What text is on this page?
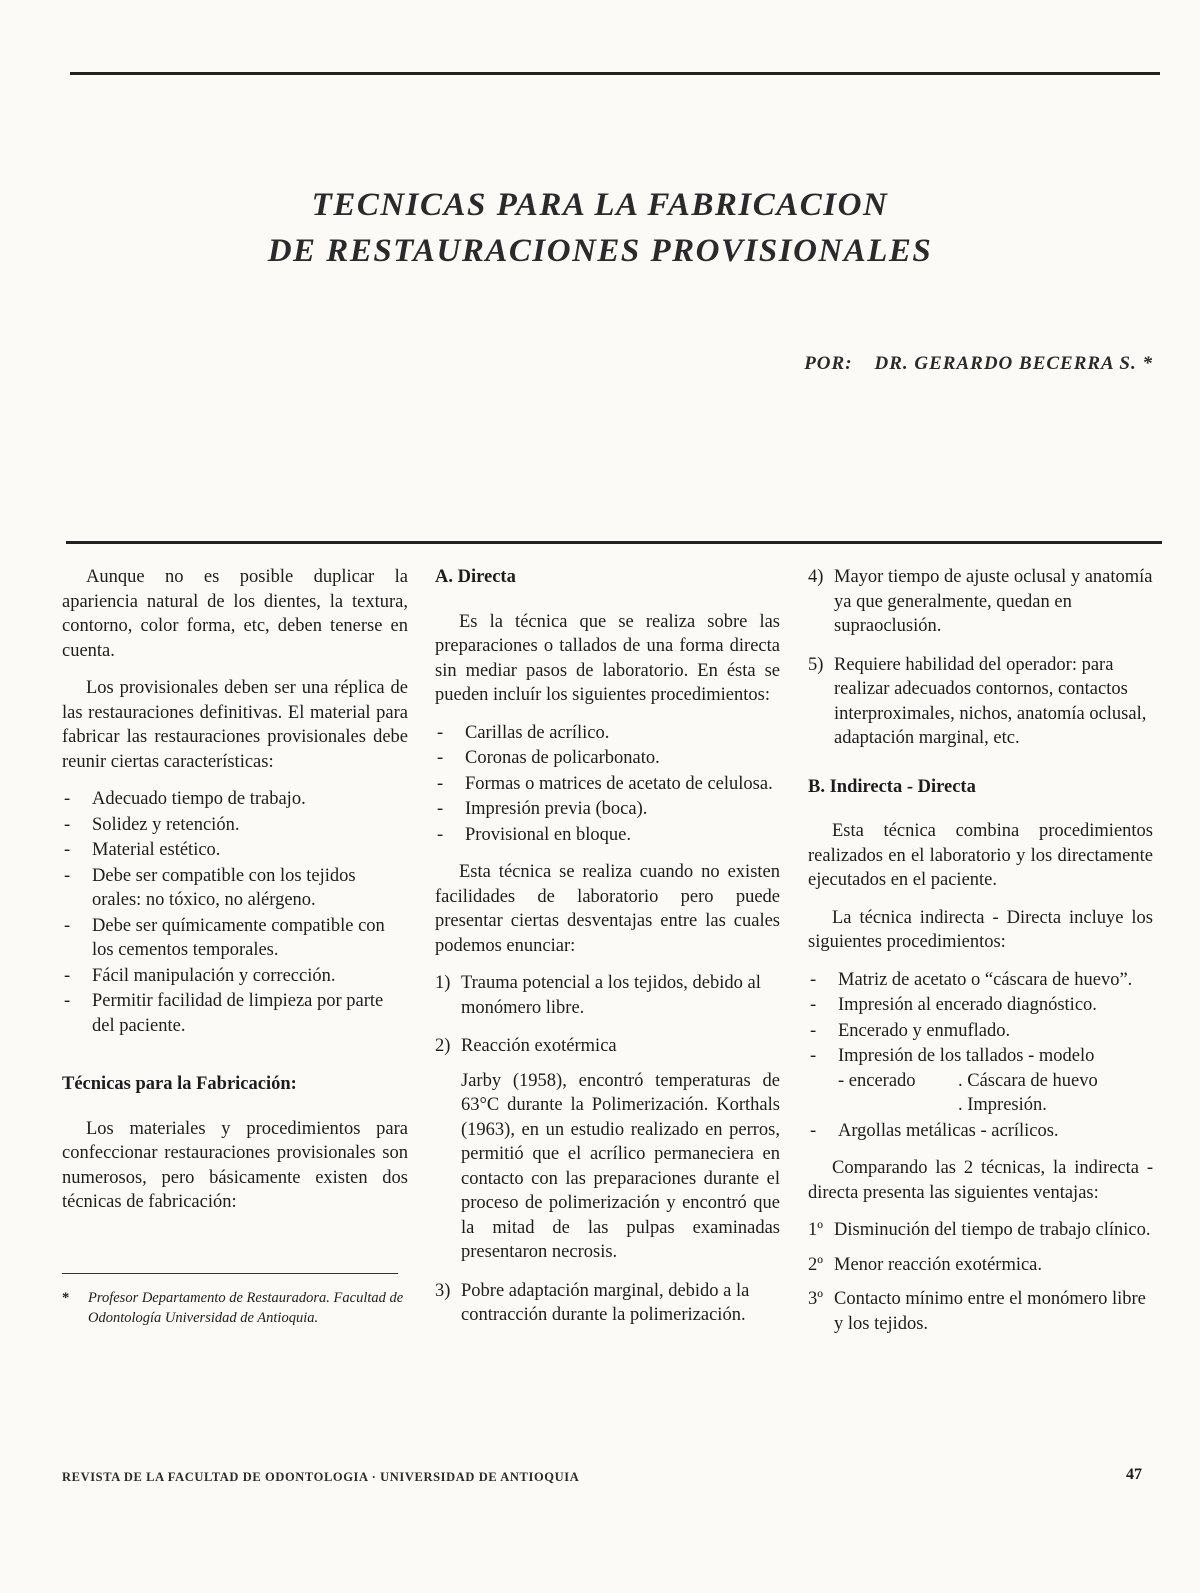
TECNICAS PARA LA FABRICACION
DE RESTAURACIONES PROVISIONALES
POR: DR. GERARDO BECERRA S. *

Aunque no es posible duplicar la apariencia natural de los dientes, la textura, contorno, color forma, etc, deben tenerse en cuenta.

Los provisionales deben ser una réplica de las restauraciones definitivas. El material para fabricar las restauraciones provisionales debe reunir ciertas características:

- Adecuado tiempo de trabajo.
- Solidez y retención.
- Material estético.
- Debe ser compatible con los tejidos orales: no tóxico, no alérgeno.
- Debe ser químicamente compatible con los cementos temporales.
- Fácil manipulación y corrección.
- Permitir facilidad de limpieza por parte del paciente.
Técnicas para la Fabricación:

Los materiales y procedimientos para confeccionar restauraciones provisionales son numerosos, pero básicamente existen dos técnicas de fabricación:

* Profesor Departamento de Restauradora. Facultad de Odontología Universidad de Antioquia.
A. Directa

Es la técnica que se realiza sobre las preparaciones o tallados de una forma directa sin mediar pasos de laboratorio. En ésta se pueden incluír los siguientes procedimientos:

- Carillas de acrílico.
- Coronas de policarbonato.
- Formas o matrices de acetato de celulosa.
- Impresión previa (boca).
- Provisional en bloque.

Esta técnica se realiza cuando no existen facilidades de laboratorio pero puede presentar ciertas desventajas entre las cuales podemos enunciar:

1) Trauma potencial a los tejidos, debido al monómero libre.
2) Reacción exotérmica

Jarby (1958), encontró temperaturas de 63°C durante la Polimerización. Korthals (1963), en un estudio realizado en perros, permitió que el acrílico permaneciera en contacto con las preparaciones durante el proceso de polimerización y encontró que la mitad de las pulpas examinadas presentaron necrosis.

3) Pobre adaptación marginal, debido a la contracción durante la polimerización.
4) Mayor tiempo de ajuste oclusal y anatomía ya que generalmente, quedan en supraoclusión.
5) Requiere habilidad del operador: para realizar adecuados contornos, contactos interproximales, nichos, anatomía oclusal, adaptación marginal, etc.
B. Indirecta - Directa

Esta técnica combina procedimientos realizados en el laboratorio y los directamente ejecutados en el paciente.

La técnica indirecta - Directa incluye los siguientes procedimientos:

- Matriz de acetato o “cáscara de huevo”.
- Impresión al encerado diagnóstico.
- Encerado y enmuflado.
- Impresión de los tallados - modelo
- encerado . Cáscara de huevo
. Impresión.
- Argollas metálicas - acrílicos.

Comparando las 2 técnicas, la indirecta - directa presenta las siguientes ventajas:

1º Disminución del tiempo de trabajo clínico.
2º Menor reacción exotérmica.
3º Contacto mínimo entre el monómero libre y los tejidos.
REVISTA DE LA FACULTAD DE ODONTOLOGIA · UNIVERSIDAD DE ANTIOQUIA	47
